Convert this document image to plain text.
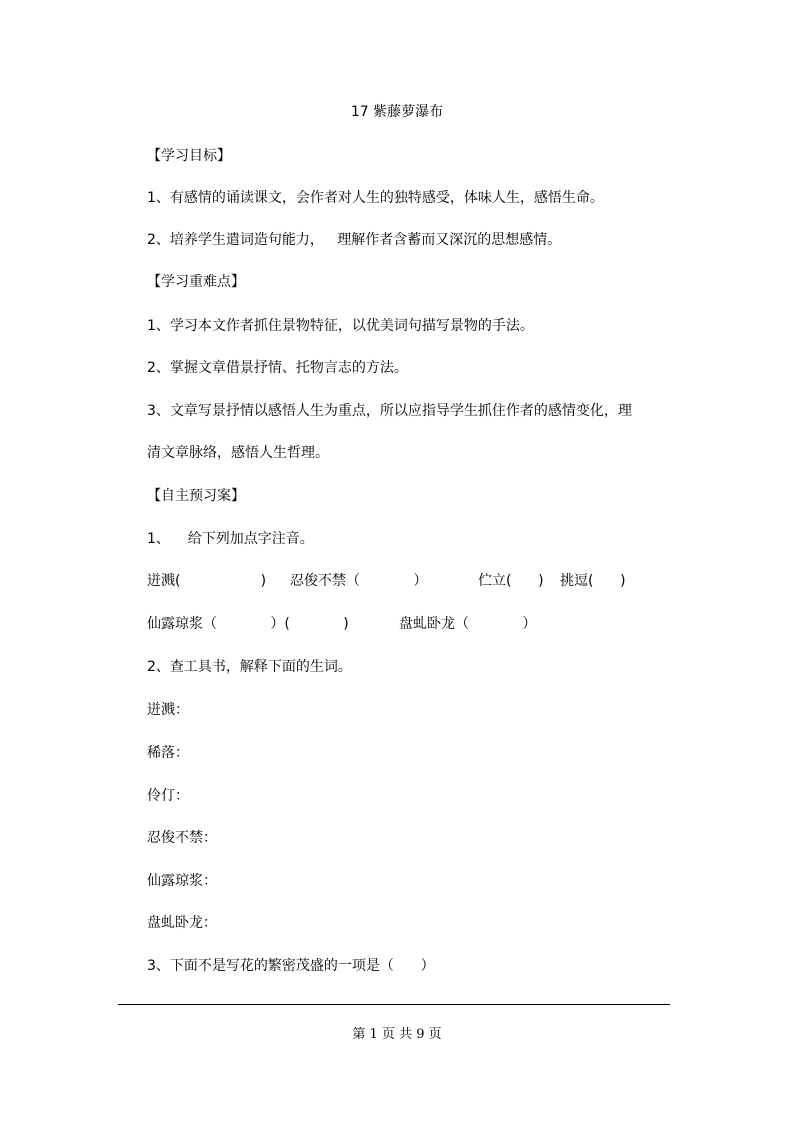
17 紫藤萝瀑布
【学习目标】
1、有感情的诵读课文，会作者对人生的独特感受，体味人生，感悟生命。
2、培养学生遣词造句能力，   理解作者含蓄而又深沉的思想感情。
【学习重难点】
1、学习本文作者抓住景物特征，以优美词句描写景物的手法。
2、掌握文章借景抒情、托物言志的方法。
3、文章写景抒情以感悟人生为重点，所以应指导学生抓住作者的感情变化，理
清文章脉络，感悟人生哲理。
【自主预习案】
1、    给下列加点字注音。
迸溅(                  ) 忍俊不禁（            ）	伫立(      ) 挑逗(      )
仙露琼浆（            ）(            )	盘虬卧龙（            ）
2、查工具书，解释下面的生词。
迸溅：
稀落：
伶仃：
忍俊不禁：
仙露琼浆：
盘虬卧龙：
3、下面不是写花的繁密茂盛的一项是（      ）
第 1 页 共 9 页
